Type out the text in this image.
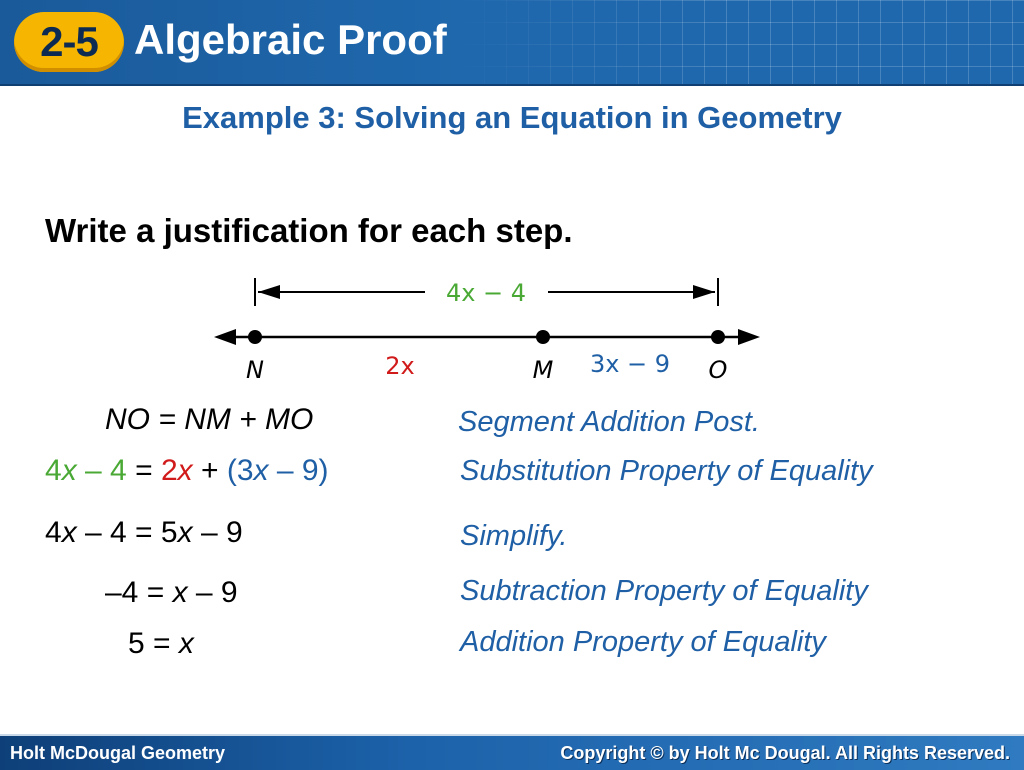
2-5 Algebraic Proof
Example 3: Solving an Equation in Geometry
Write a justification for each step.
4x − 4
N	2x	M 3x − 9 O
NO = NM + MO	Segment Addition Post.
4x – 4 = 2x + (3x – 9)	Substitution Property of Equality
4x – 4 = 5x – 9	Simplify.
–4 = x – 9	Subtraction Property of Equality
5 = x	Addition Property of Equality
Holt McDougal Geometry	Copyright © by Holt Mc Dougal. All Rights Reserved.
